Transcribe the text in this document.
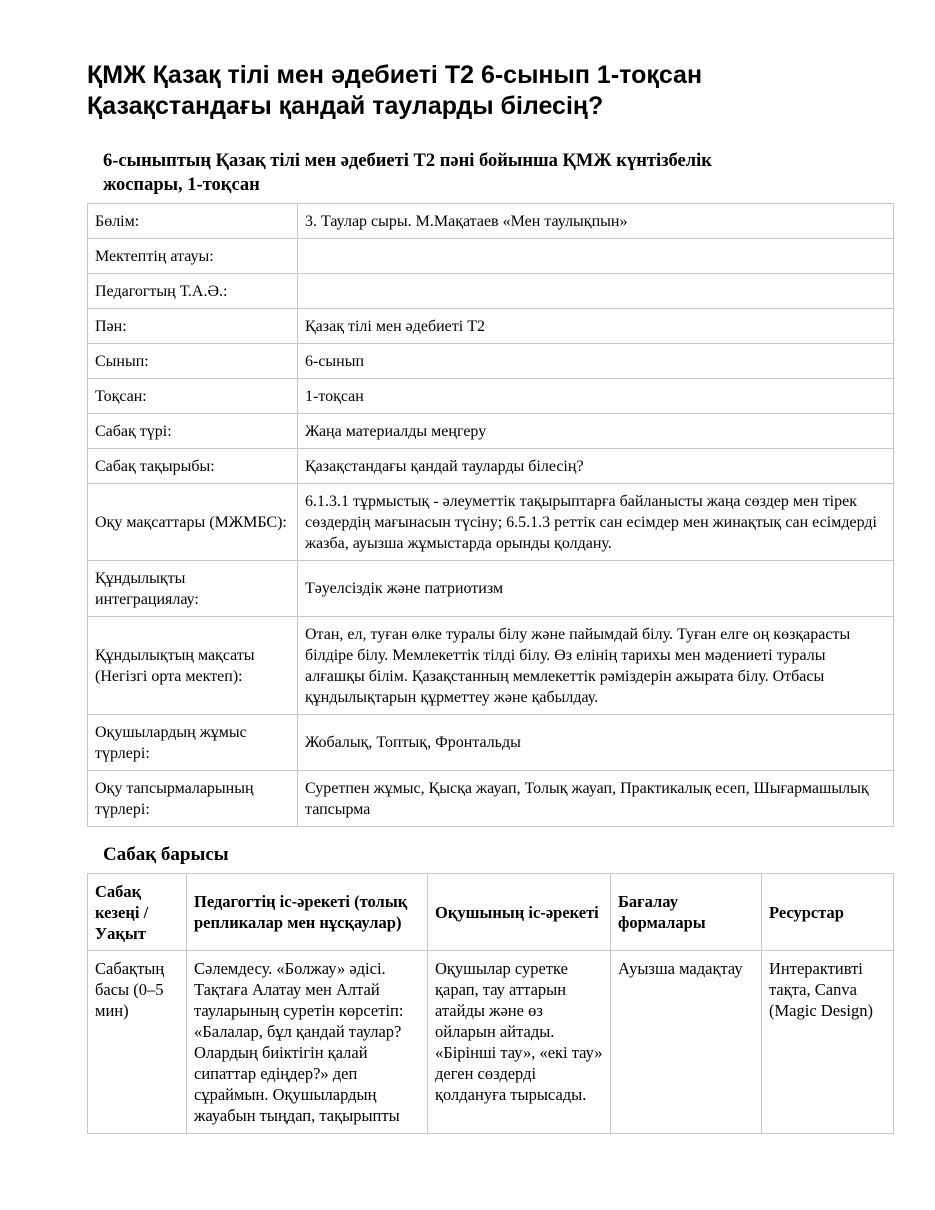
ҚМЖ Қазақ тілі мен әдебиеті Т2 6-сынып 1-тоқсан
Қазақстандағы қандай тауларды білесің?
6-сыныптың Қазақ тілі мен әдебиеті Т2 пәні бойынша ҚМЖ күнтізбелік
жоспары, 1-тоқсан
Бөлім:	3. Таулар сыры. М.Мақатаев «Мен таулықпын»
Мектептің атауы:	
Педагогтың Т.А.Ә.:	
Пән:	Қазақ тілі мен әдебиеті Т2
Сынып:	6-сынып
Тоқсан:	1-тоқсан
Сабақ түрі:	Жаңа материалды меңгеру
Сабақ тақырыбы:	Қазақстандағы қандай тауларды білесің?
Оқу мақсаттары (МЖМБС):	6.1.3.1 тұрмыстық - әлеуметтік тақырыптарға байланысты жаңа сөздер мен тірек сөздердің мағынасын түсіну; 6.5.1.3 реттік сан есімдер мен жинақтық сан есімдерді жазба, ауызша жұмыстарда орынды қолдану.
Құндылықты интеграциялау:	Тәуелсіздік және патриотизм
Құндылықтың мақсаты (Негізгі орта мектеп):	Отан, ел, туған өлке туралы білу және пайымдай білу. Туған елге оң көзқарасты білдіре білу. Мемлекеттік тілді білу. Өз елінің тарихы мен мәдениеті туралы алғашқы білім. Қазақстанның мемлекеттік рәміздерін ажырата білу. Отбасы құндылықтарын құрметтеу және қабылдау.
Оқушылардың жұмыс түрлері:	Жобалық, Топтық, Фронтальды
Оқу тапсырмаларының түрлері:	Суретпен жұмыс, Қысқа жауап, Толық жауап, Практикалық есеп, Шығармашылық тапсырма
Сабақ барысы
Сабақ кезеңі / Уақыт	Педагогтің іс-әрекеті (толық репликалар мен нұсқаулар)	Оқушының іс-әрекеті	Бағалау формалары	Ресурстар
Сабақтың басы (0–5 мин)	Сәлемдесу. «Болжау» әдісі. Тақтаға Алатау мен Алтай тауларының суретін көрсетіп: «Балалар, бұл қандай таулар? Олардың биіктігін қалай сипаттар едіңдер?» деп сұраймын. Оқушылардың жауабын тыңдап, тақырыпты	Оқушылар суретке қарап, тау аттарын атайды және өз ойларын айтады. «Бірінші тау», «екі тау» деген сөздерді қолдануға тырысады.	Ауызша мадақтау	Интерактивті тақта, Canva (Magic Design)
